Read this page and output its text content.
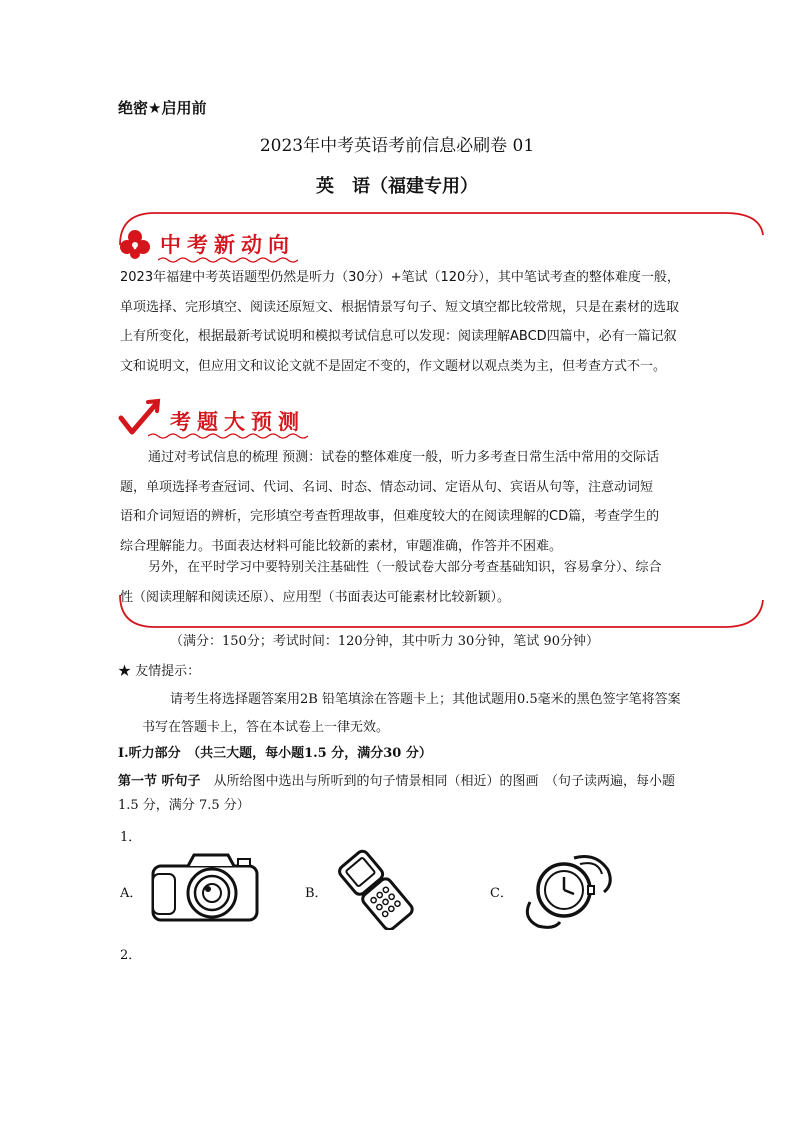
绝密★启用前
2023年中考英语考前信息必刷卷 01
英　语（福建专用）
中考新动向
2023年福建中考英语题型仍然是听力（30分）+笔试（120分），其中笔试考查的整体难度一般，单项选择、完形填空、阅读还原短文、根据情景写句子、短文填空都比较常规，只是在素材的选取上有所变化，根据最新考试说明和模拟考试信息可以发现：阅读理解ABCD四篇中，必有一篇记叙文和说明文，但应用文和议论文就不是固定不变的，作文题材以观点类为主，但考查方式不一。
考题大预测
通过对考试信息的梳理 预测：试卷的整体难度一般，听力多考查日常生活中常用的交际话题，单项选择考查冠词、代词、名词、时态、情态动词、定语从句、宾语从句等，注意动词短语和介词短语的辨析，完形填空考查哲理故事，但难度较大的在阅读理解的CD篇，考查学生的综合理解能力。书面表达材料可能比较新的素材，审题准确，作答并不困难。
另外，在平时学习中要特别关注基础性（一般试卷大部分考查基础知识，容易拿分）、综合性（阅读理解和阅读还原）、应用型（书面表达可能素材比较新颖）。
（满分：150分；考试时间：120分钟，其中听力 30分钟，笔试 90分钟）
★ 友情提示：
请考生将选择题答案用2B 铅笔填涂在答题卡上；其他试题用0.5毫米的黑色签字笔将答案书写在答题卡上，答在本试卷上一律无效。
Ⅰ.听力部分　（共三大题，每小题1.5 分，满分30 分）
第一节 听句子　从所给图中选出与所听到的句子情景相同（相近）的图画　（句子读两遍，每小题 1.5 分，满分 7.5 分）
1．
A．	B．	C．
2．
